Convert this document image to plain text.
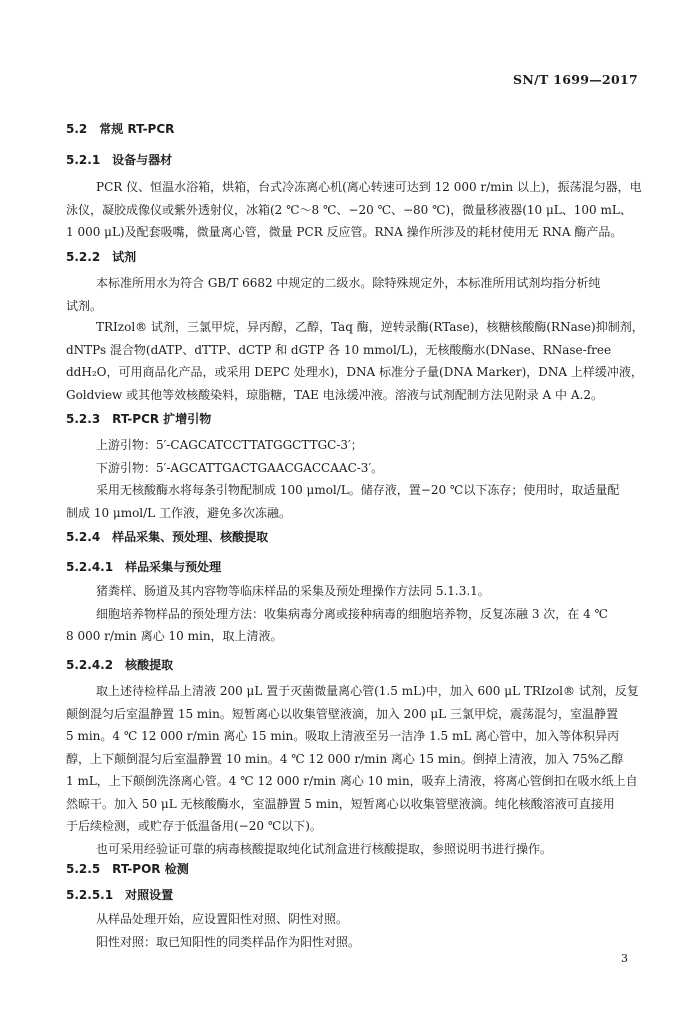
SN/T 1699—2017
5.2 常规 RT-PCR
5.2.1 设备与器材
PCR 仪、恒温水浴箱，烘箱，台式冷冻离心机(离心转速可达到 12 000 r/min 以上)，振荡混匀器，电
泳仪，凝胶成像仪或紫外透射仪，冰箱(2 ℃～8 ℃、−20 ℃、−80 ℃)，微量移液器(10 μL、100 mL、
1 000 μL)及配套吸嘴，微量离心管，微量 PCR 反应管。RNA 操作所涉及的耗材使用无 RNA 酶产品。
5.2.2 试剂
本标准所用水为符合 GB/T 6682 中规定的二级水。除特殊规定外，本标准所用试剂均指分析纯
试剂。
TRIzol® 试剂，三氯甲烷，异丙醇，乙醇，Taq 酶，逆转录酶(RTase)，核糖核酸酶(RNase)抑制剂，
dNTPs 混合物(dATP、dTTP、dCTP 和 dGTP 各 10 mmol/L)，无核酸酶水(DNase、RNase-free
ddH₂O，可用商品化产品，或采用 DEPC 处理水)，DNA 标准分子量(DNA Marker)，DNA 上样缓冲液，
Goldview 或其他等效核酸染料，琼脂糖，TAE 电泳缓冲液。溶液与试剂配制方法见附录 A 中 A.2。
5.2.3 RT-PCR 扩增引物
上游引物：5′-CAGCATCCTTATGGCTTGC-3′；
下游引物：5′-AGCATTGACTGAACGACCAAC-3′。
采用无核酸酶水将每条引物配制成 100 μmol/L。储存液，置−20 ℃以下冻存；使用时，取适量配
制成 10 μmol/L 工作液，避免多次冻融。
5.2.4 样品采集、预处理、核酸提取
5.2.4.1 样品采集与预处理
猪粪样、肠道及其内容物等临床样品的采集及预处理操作方法同 5.1.3.1。
细胞培养物样品的预处理方法：收集病毒分离或接种病毒的细胞培养物，反复冻融 3 次，在 4 ℃
8 000 r/min 离心 10 min，取上清液。
5.2.4.2 核酸提取
取上述待检样品上清液 200 μL 置于灭菌微量离心管(1.5 mL)中，加入 600 μL TRIzol® 试剂，反复
颠倒混匀后室温静置 15 min。短暂离心以收集管壁液滴，加入 200 μL 三氯甲烷，震荡混匀，室温静置
5 min。4 ℃ 12 000 r/min 离心 15 min。吸取上清液至另一洁净 1.5 mL 离心管中，加入等体积异丙
醇，上下颠倒混匀后室温静置 10 min。4 ℃ 12 000 r/min 离心 15 min。倒掉上清液，加入 75%乙醇
1 mL，上下颠倒洗涤离心管。4 ℃ 12 000 r/min 离心 10 min，吸弃上清液，将离心管倒扣在吸水纸上自
然晾干。加入 50 μL 无核酸酶水，室温静置 5 min，短暂离心以收集管壁液滴。纯化核酸溶液可直接用
于后续检测，或贮存于低温备用(−20 ℃以下)。
也可采用经验证可靠的病毒核酸提取纯化试剂盒进行核酸提取，参照说明书进行操作。
5.2.5 RT-POR 检测
5.2.5.1 对照设置
从样品处理开始，应设置阳性对照、阴性对照。
阳性对照：取已知阳性的同类样品作为阳性对照。
3
